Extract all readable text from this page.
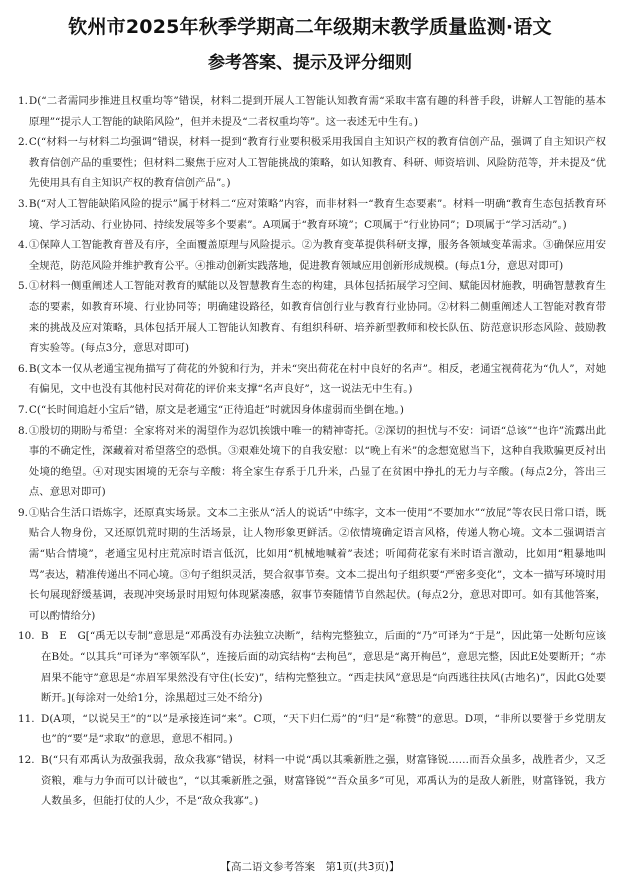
钦州市2025年秋季学期高二年级期末教学质量监测·语文
参考答案、提示及评分细则
1. D(“二者需同步推进且权重均等”错误，材料二提到开展人工智能认知教育需“采取丰富有趣的科普手段，讲解人工智能的基本原理”“提示人工智能的缺陷风险”，但并未提及“二者权重均等”。这一表述无中生有。)
2. C(“材料一与材料二均强调”错误，材料一提到“教育行业要积极采用我国自主知识产权的教育信创产品，强调了自主知识产权教育信创产品的重要性；但材料二聚焦于应对人工智能挑战的策略，如认知教育、科研、师资培训、风险防范等，并未提及“优先使用具有自主知识产权的教育信创产品”。)
3. B(“对人工智能缺陷风险的提示”属于材料二“应对策略”内容，而非材料一“教育生态要素”。材料一明确“教育生态包括教育环境、学习活动、行业协同、持续发展等多个要素”。A项属于“教育环境”；C项属于“行业协同”；D项属于“学习活动”。)
4. ①保障人工智能教育普及有序，全面覆盖原理与风险提示。②为教育变革提供科研支撑，服务各领域变革需求。③确保应用安全规范，防范风险并维护教育公平。④推动创新实践落地，促进教育领域应用创新形成规模。(每点1分，意思对即可)
5. ①材料一侧重阐述人工智能对教育的赋能以及智慧教育生态的构建，具体包括拓展学习空间、赋能因材施教，明确智慧教育生态的要素，如教育环境、行业协同等；明确建设路径，如教育信创行业与教育行业协同。②材料二侧重阐述人工智能对教育带来的挑战及应对策略，具体包括开展人工智能认知教育、有组织科研、培养新型教师和校长队伍、防范意识形态风险、鼓励教育实验等。(每点3分，意思对即可)
6. B(文本一仅从老通宝视角描写了荷花的外貌和行为，并未“突出荷花在村中良好的名声”。相反，老通宝视荷花为“仇人”，对她有偏见，文中也没有其他村民对荷花的评价来支撑“名声良好”，这一说法无中生有。)
7. C(“长时间追赶小宝后”错，原文是老通宝“正待追赶”时就因身体虚弱而坐倒在地。)
8. ①殷切的期盼与希望：全家将对米的渴望作为忍饥挨饿中唯一的精神寄托。②深切的担忧与不安：词语“总该”“也许”流露出此事的不确定性，深藏着对希望落空的恐惧。③艰难处境下的自我安慰：以“晚上有米”的念想宽慰当下，这种自我欺骗更反衬出处境的绝望。④对现实困境的无奈与辛酸：将全家生存系于几升米，凸显了在贫困中挣扎的无力与辛酸。(每点2分，答出三点、意思对即可)
9. ①贴合生活口语炼字，还原真实场景。文本二主张从“活人的说话”中练字，文本一使用“不要加水”“放屁”等农民日常口语，既贴合人物身份，又还原饥荒时期的生活场景，让人物形象更鲜活。②依情境确定语言风格，传递人物心境。文本二强调语言需“贴合情境”，老通宝见村庄荒凉时语言低沉，比如用“机械地喊着”表述；听闻荷花家有米时语言激动，比如用“粗暴地叫骂”表达，精准传递出不同心境。③句子组织灵活，契合叙事节奏。文本二提出句子组织要“严密多变化”，文本一描写环境时用长句展现舒缓基调，表现冲突场景时用短句体现紧凑感，叙事节奏随情节自然起伏。(每点2分，意思对即可。如有其他答案，可以酌情给分)
10. B　E　G[“禹无以专制”意思是“邓禹没有办法独立决断”，结构完整独立，后面的“乃”可译为“于是”，因此第一处断句应该在B处。“以其兵”可译为“率领军队”，连接后面的动宾结构“去栒邑”，意思是“离开栒邑”，意思完整，因此E处要断开；“赤眉果不能守”意思是“赤眉军果然没有守住(长安)”，结构完整独立。“西走扶风”意思是“向西逃往扶风(古地名)”，因此G处要断开。](每涂对一处给1分，涂黑超过三处不给分)
11. D(A项，“以说吴王”的“以”是承接连词“来”。C项，“天下归仁焉”的“归”是“称赞”的意思。D项，“非所以要誉于乡党朋友也”的“要”是“求取”的意思，意思不相同。)
12. B(“只有邓禹认为敌强我弱，敌众我寡”错误，材料一中说“禹以其乘新胜之强，财富锋锐……而吾众虽多，战胜者少，又乏资粮，难与力争而可以计破也”，“以其乘新胜之强，财富锋锐”“吾众虽多”可见，邓禹认为的是敌人新胜，财富锋锐，我方人数虽多，但能打仗的人少，不是“敌众我寡”。)
【高二语文参考答案　第1页(共3页)】
